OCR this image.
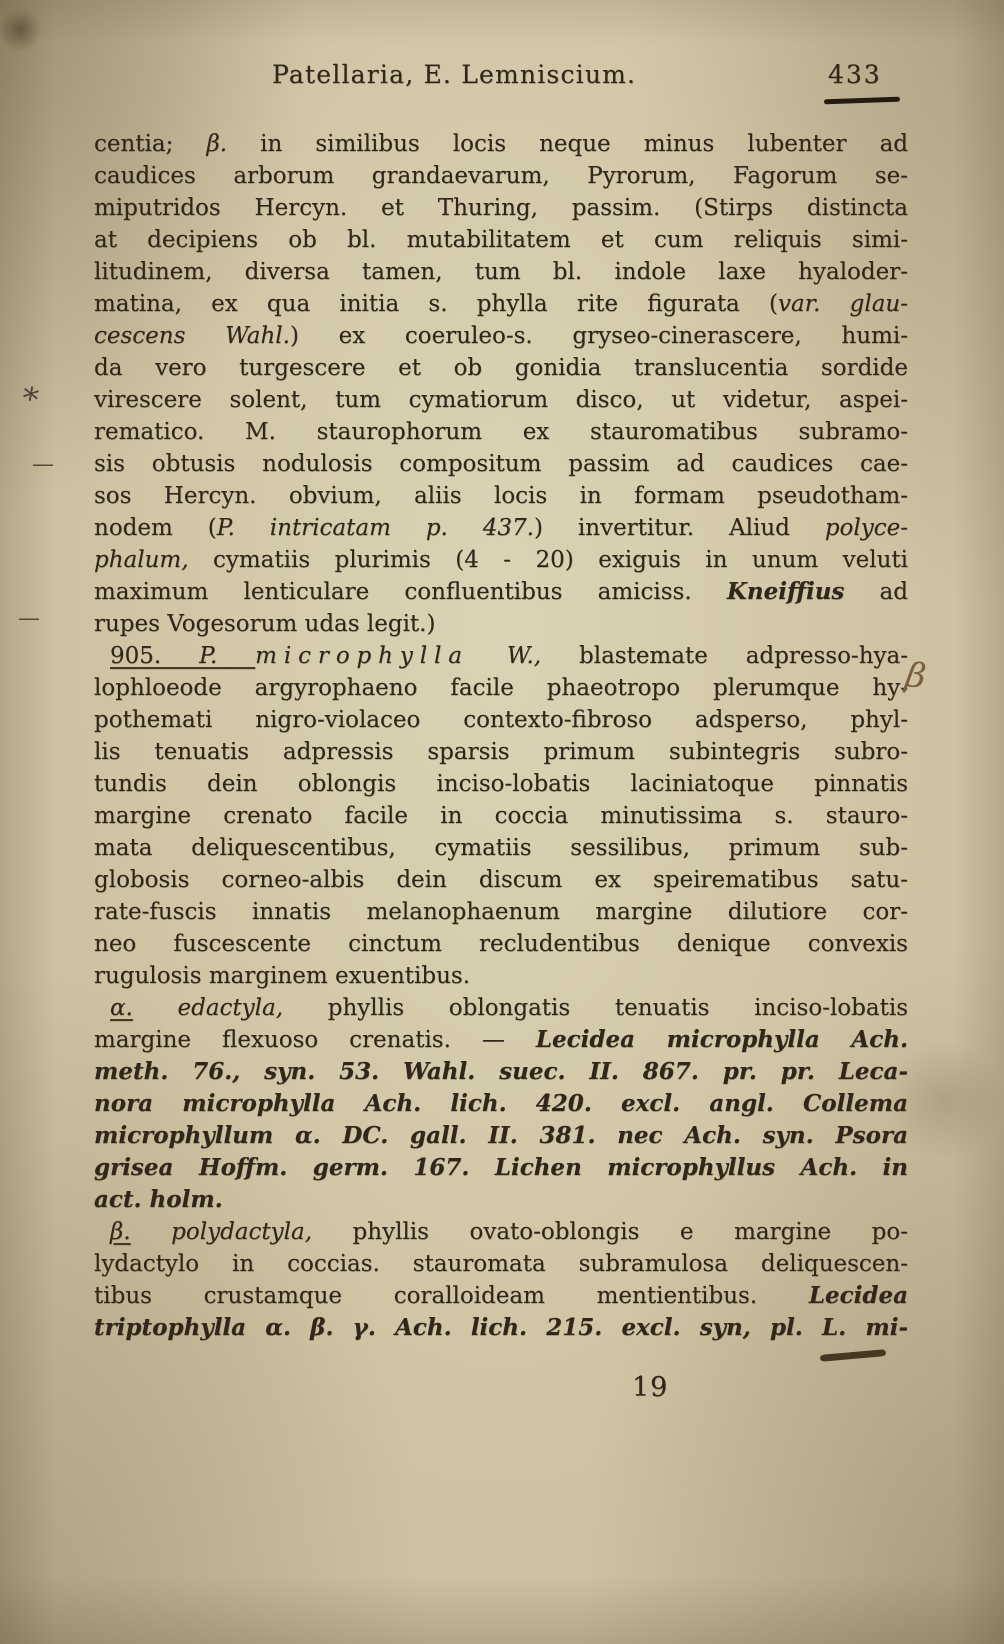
Patellaria, E. Lemniscium.	433
centia; β. in similibus locis neque minus lubenter ad
caudices arborum grandaevarum, Pyrorum, Fagorum se-
miputridos Hercyn. et Thuring, passim. (Stirps distincta
at decipiens ob bl. mutabilitatem et cum reliquis simi-
litudinem, diversa tamen, tum bl. indole laxe hyaloder-
matina, ex qua initia s. phylla rite figurata (var. glau-
cescens Wahl.) ex coeruleo-s. gryseo-cinerascere, humi-
da vero turgescere et ob gonidia translucentia sordide
virescere solent, tum cymatiorum disco, ut videtur, aspei-
rematico. M. staurophorum ex stauromatibus subramo-
sis obtusis nodulosis compositum passim ad caudices cae-
sos Hercyn. obvium, aliis locis in formam pseudotham-
nodem (P. intricatam p. 437.) invertitur. Aliud polyce-
phalum, cymatiis plurimis (4 - 20) exiguis in unum veluti
maximum lenticulare confluentibus amiciss. Kneiffius ad
rupes Vogesorum udas legit.)
905. P. microphylla W., blastemate adpresso-hya-
lophloeode argyrophaeno facile phaeotropo plerumque hy-
pothemati nigro-violaceo contexto-fibroso adsperso, phyl-
lis tenuatis adpressis sparsis primum subintegris subro-
tundis dein oblongis inciso-lobatis laciniatoque pinnatis
margine crenato facile in coccia minutissima s. stauro-
mata deliquescentibus, cymatiis sessilibus, primum sub-
globosis corneo-albis dein discum ex speirematibus satu-
rate-fuscis innatis melanophaenum margine dilutiore cor-
neo fuscescente cinctum recludentibus denique convexis
rugulosis marginem exuentibus.
α. edactyla, phyllis oblongatis tenuatis inciso-lobatis
margine flexuoso crenatis. — Lecidea microphylla Ach.
meth. 76., syn. 53. Wahl. suec. II. 867. pr. pr. Leca-
nora microphylla Ach. lich. 420. excl. angl. Collema
microphyllum α. DC. gall. II. 381. nec Ach. syn. Psora
grisea Hoffm. germ. 167. Lichen microphyllus Ach. in
act. holm.
β. polydactyla, phyllis ovato-oblongis e margine po-
lydactylo in coccias. stauromata subramulosa deliquescen-
tibus crustamque coralloideam mentientibus. Lecidea
triptophylla α. β. γ. Ach. lich. 215. excl. syn, pl. L. mi-
*
—
—
β
19
